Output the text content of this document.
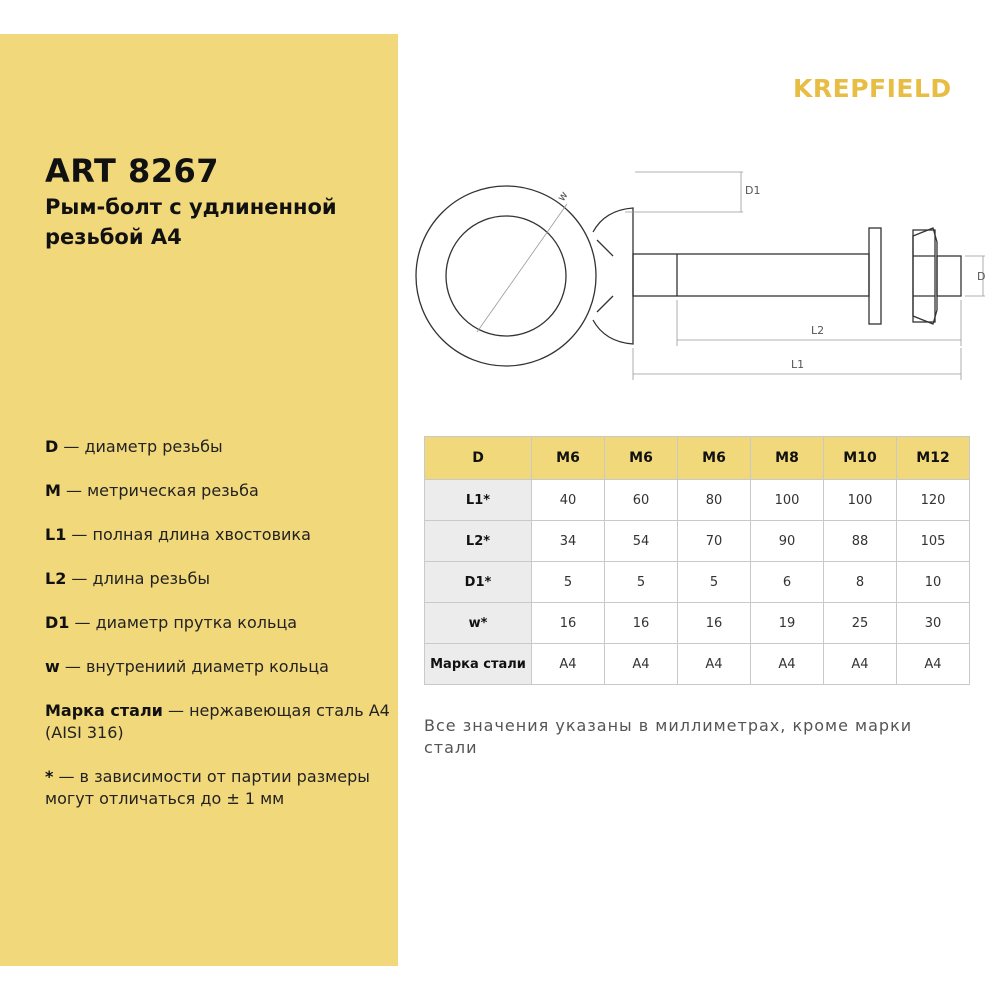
ART 8267
Рым-болт с удлиненной резьбой А4
D — диаметр резьбы
M — метрическая резьба
L1 — полная длина хвостовика
L2 — длина резьбы
D1 — диаметр прутка кольца
w — внутрениий диаметр кольца
Марка стали — нержавеющая сталь А4 (AISI 316)
* — в зависимости от партии размеры могут отличаться до ± 1 мм
KREPFIELD
w	D1
D
L2
L1
D	M6	M6	M6	M8	M10	M12
L1*	40	60	80	100	100	120
L2*	34	54	70	90	88	105
D1*	5	5	5	6	8	10
w*	16	16	16	19	25	30
Марка стали	A4	A4	A4	A4	A4	A4
Все значения указаны в миллиметрах, кроме марки стали
